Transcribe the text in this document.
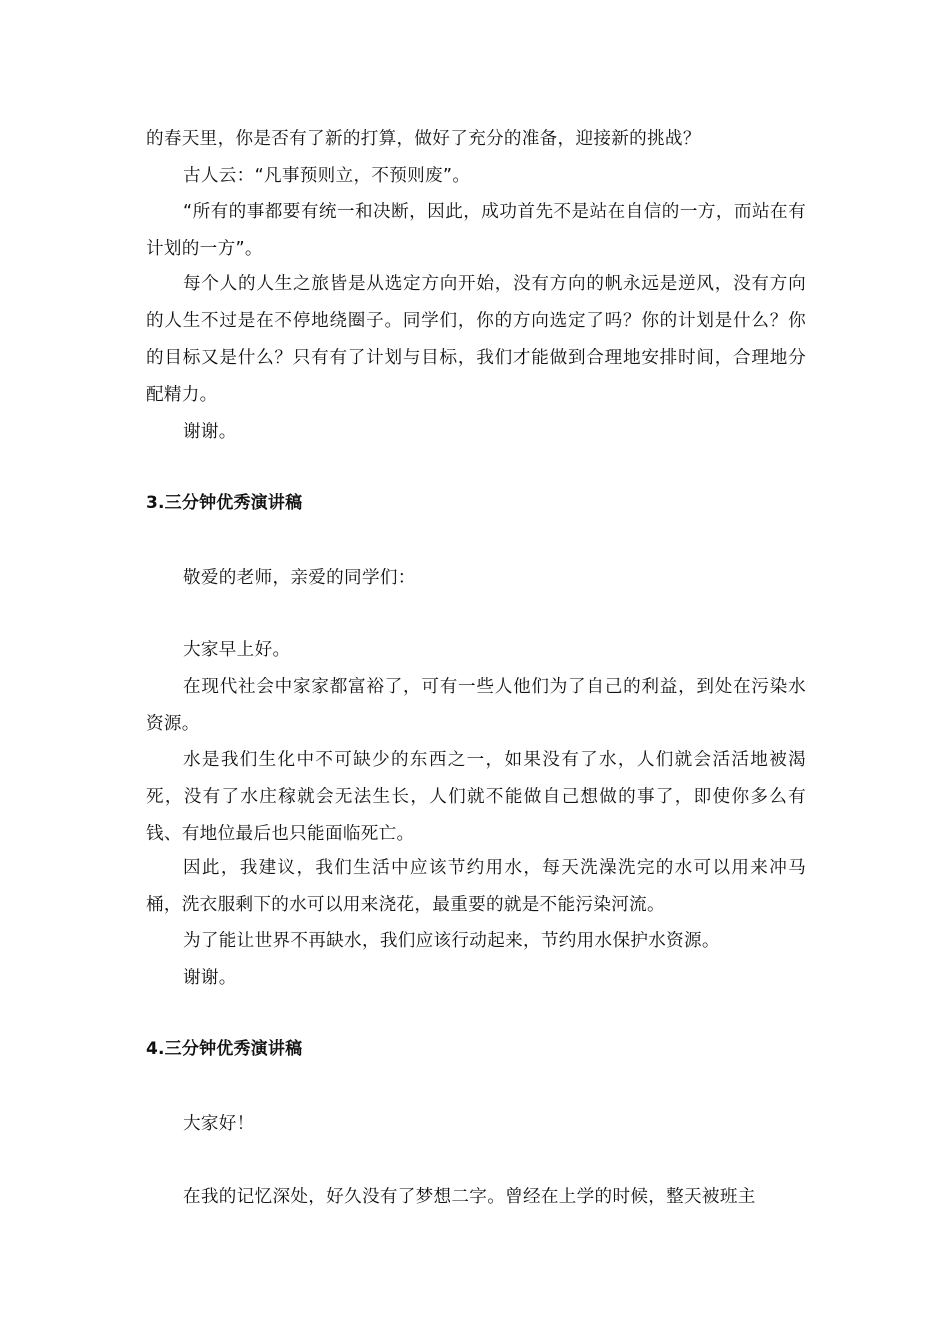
的春天里，你是否有了新的打算，做好了充分的准备，迎接新的挑战？

古人云：“凡事预则立，不预则废”。

“所有的事都要有统一和决断，因此，成功首先不是站在自信的一方，而站在有计划的一方”。

每个人的人生之旅皆是从选定方向开始，没有方向的帆永远是逆风，没有方向的人生不过是在不停地绕圈子。同学们，你的方向选定了吗？你的计划是什么？你的目标又是什么？只有有了计划与目标，我们才能做到合理地安排时间，合理地分配精力。

谢谢。

3.三分钟优秀演讲稿

敬爱的老师，亲爱的同学们：

大家早上好。

在现代社会中家家都富裕了，可有一些人他们为了自己的利益，到处在污染水资源。

水是我们生化中不可缺少的东西之一，如果没有了水，人们就会活活地被渴死，没有了水庄稼就会无法生长，人们就不能做自己想做的事了，即使你多么有钱、有地位最后也只能面临死亡。

因此，我建议，我们生活中应该节约用水，每天洗澡洗完的水可以用来冲马桶，洗衣服剩下的水可以用来浇花，最重要的就是不能污染河流。

为了能让世界不再缺水，我们应该行动起来，节约用水保护水资源。

谢谢。

4.三分钟优秀演讲稿

大家好！

在我的记忆深处，好久没有了梦想二字。曾经在上学的时候，整天被班主
